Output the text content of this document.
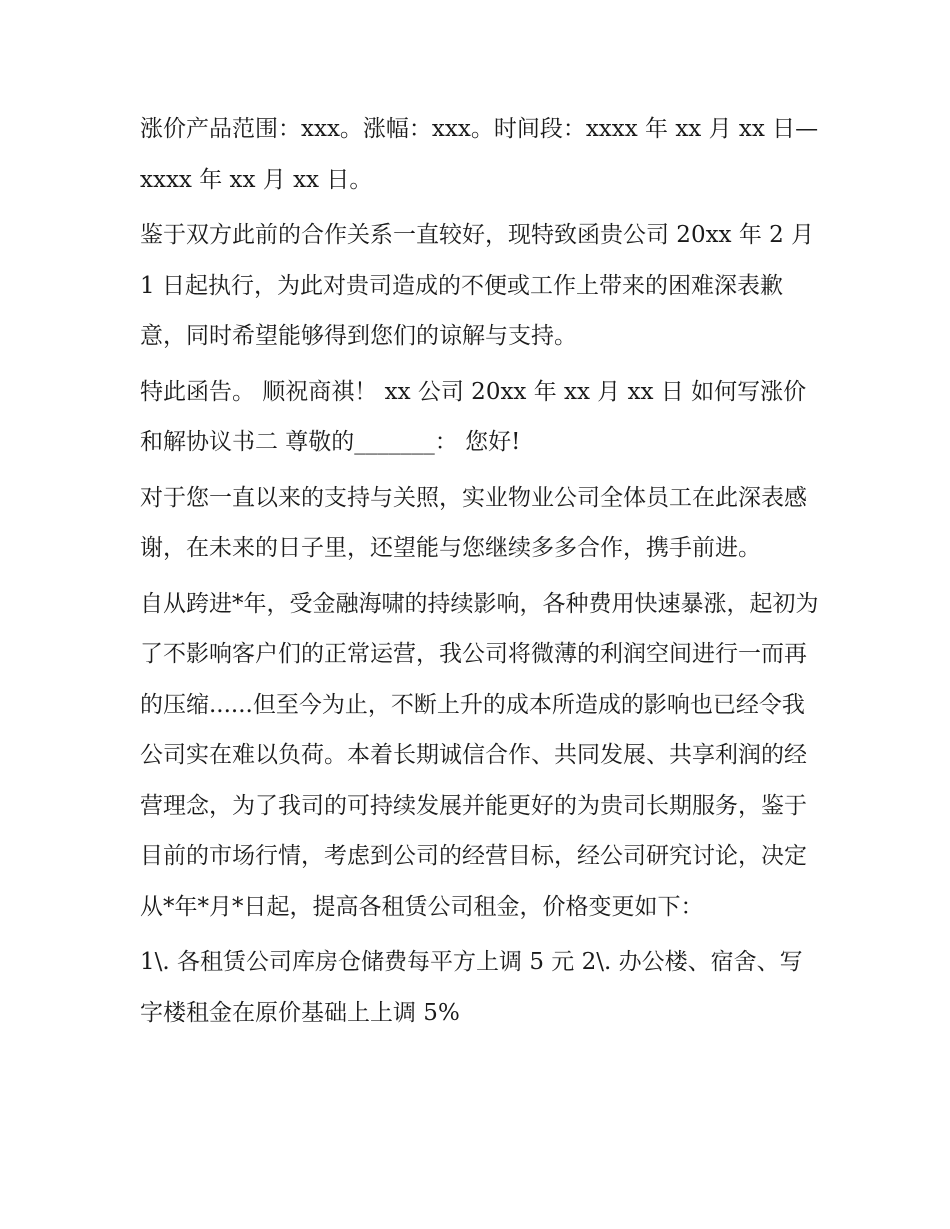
涨价产品范围：xxx。涨幅：xxx。时间段：xxxx 年 xx 月 xx 日—xxxx 年 xx 月 xx 日。

鉴于双方此前的合作关系一直较好，现特致函贵公司 20xx 年 2 月 1 日起执行，为此对贵司造成的不便或工作上带来的困难深表歉意，同时希望能够得到您们的谅解与支持。

特此函告。 顺祝商祺！ xx 公司 20xx 年 xx 月 xx 日 如何写涨价和解协议书二 尊敬的_______： 您好!

对于您一直以来的支持与关照，实业物业公司全体员工在此深表感谢，在未来的日子里，还望能与您继续多多合作，携手前进。

自从跨进*年，受金融海啸的持续影响，各种费用快速暴涨，起初为了不影响客户们的正常运营，我公司将微薄的利润空间进行一而再的压缩......但至今为止，不断上升的成本所造成的影响也已经令我公司实在难以负荷。本着长期诚信合作、共同发展、共享利润的经营理念，为了我司的可持续发展并能更好的为贵司长期服务，鉴于目前的市场行情，考虑到公司的经营目标，经公司研究讨论，决定从*年*月*日起，提高各租赁公司租金，价格变更如下：

1\. 各租赁公司库房仓储费每平方上调 5 元 2\. 办公楼、宿舍、写字楼租金在原价基础上上调 5%
